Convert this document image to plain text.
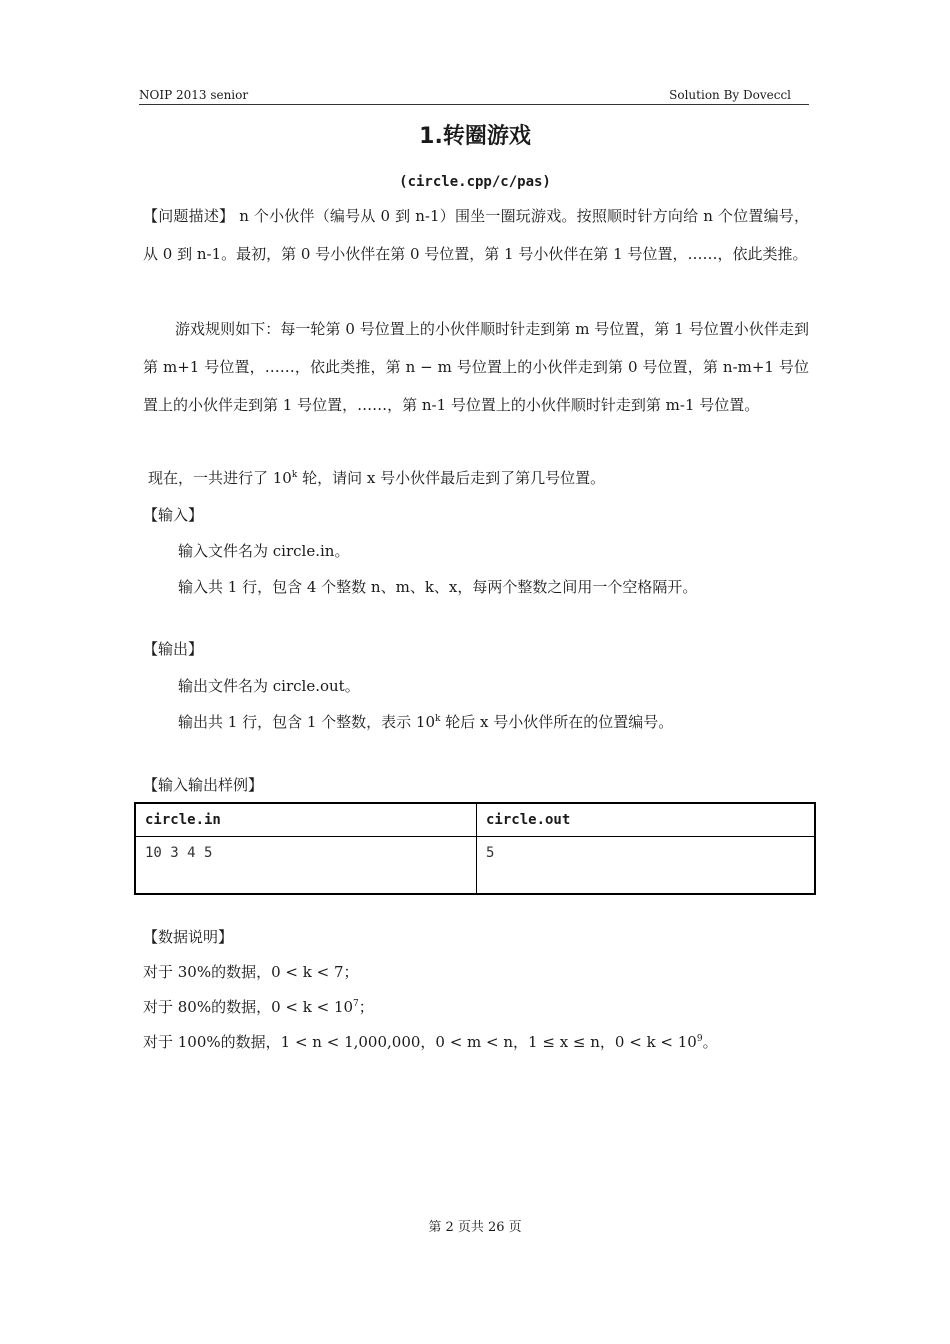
NOIP 2013 senior	Solution By Doveccl
1.转圈游戏
(circle.cpp/c/pas)
【问题描述】 n 个小伙伴（编号从 0 到 n-1）围坐一圈玩游戏。按照顺时针方向给 n 个位置编号，从 0 到 n-1。最初，第 0 号小伙伴在第 0 号位置，第 1 号小伙伴在第 1 号位置，……，依此类推。
游戏规则如下：每一轮第 0 号位置上的小伙伴顺时针走到第 m 号位置，第 1 号位置小伙伴走到第 m+1 号位置，……，依此类推，第 n − m 号位置上的小伙伴走到第 0 号位置，第 n-m+1 号位置上的小伙伴走到第 1 号位置，……，第 n-1 号位置上的小伙伴顺时针走到第 m-1 号位置。
现在，一共进行了 10$^k$ 轮，请问 x 号小伙伴最后走到了第几号位置。
【输入】
输入文件名为 circle.in。
输入共 1 行，包含 4 个整数 n、m、k、x，每两个整数之间用一个空格隔开。
【输出】
输出文件名为 circle.out。
输出共 1 行，包含 1 个整数，表示 10$^k$ 轮后 x 号小伙伴所在的位置编号。
【输入输出样例】
circle.in	circle.out
10 3 4 5	5
【数据说明】
对于 30%的数据，0 < k < 7；
对于 80%的数据，$0 < k < 10^7$；
对于 100%的数据，1 < n < 1,000,000，0 < m < n，1 ≤ x ≤ n，$0 < k < 10^9$。
第 2 页共 26 页
